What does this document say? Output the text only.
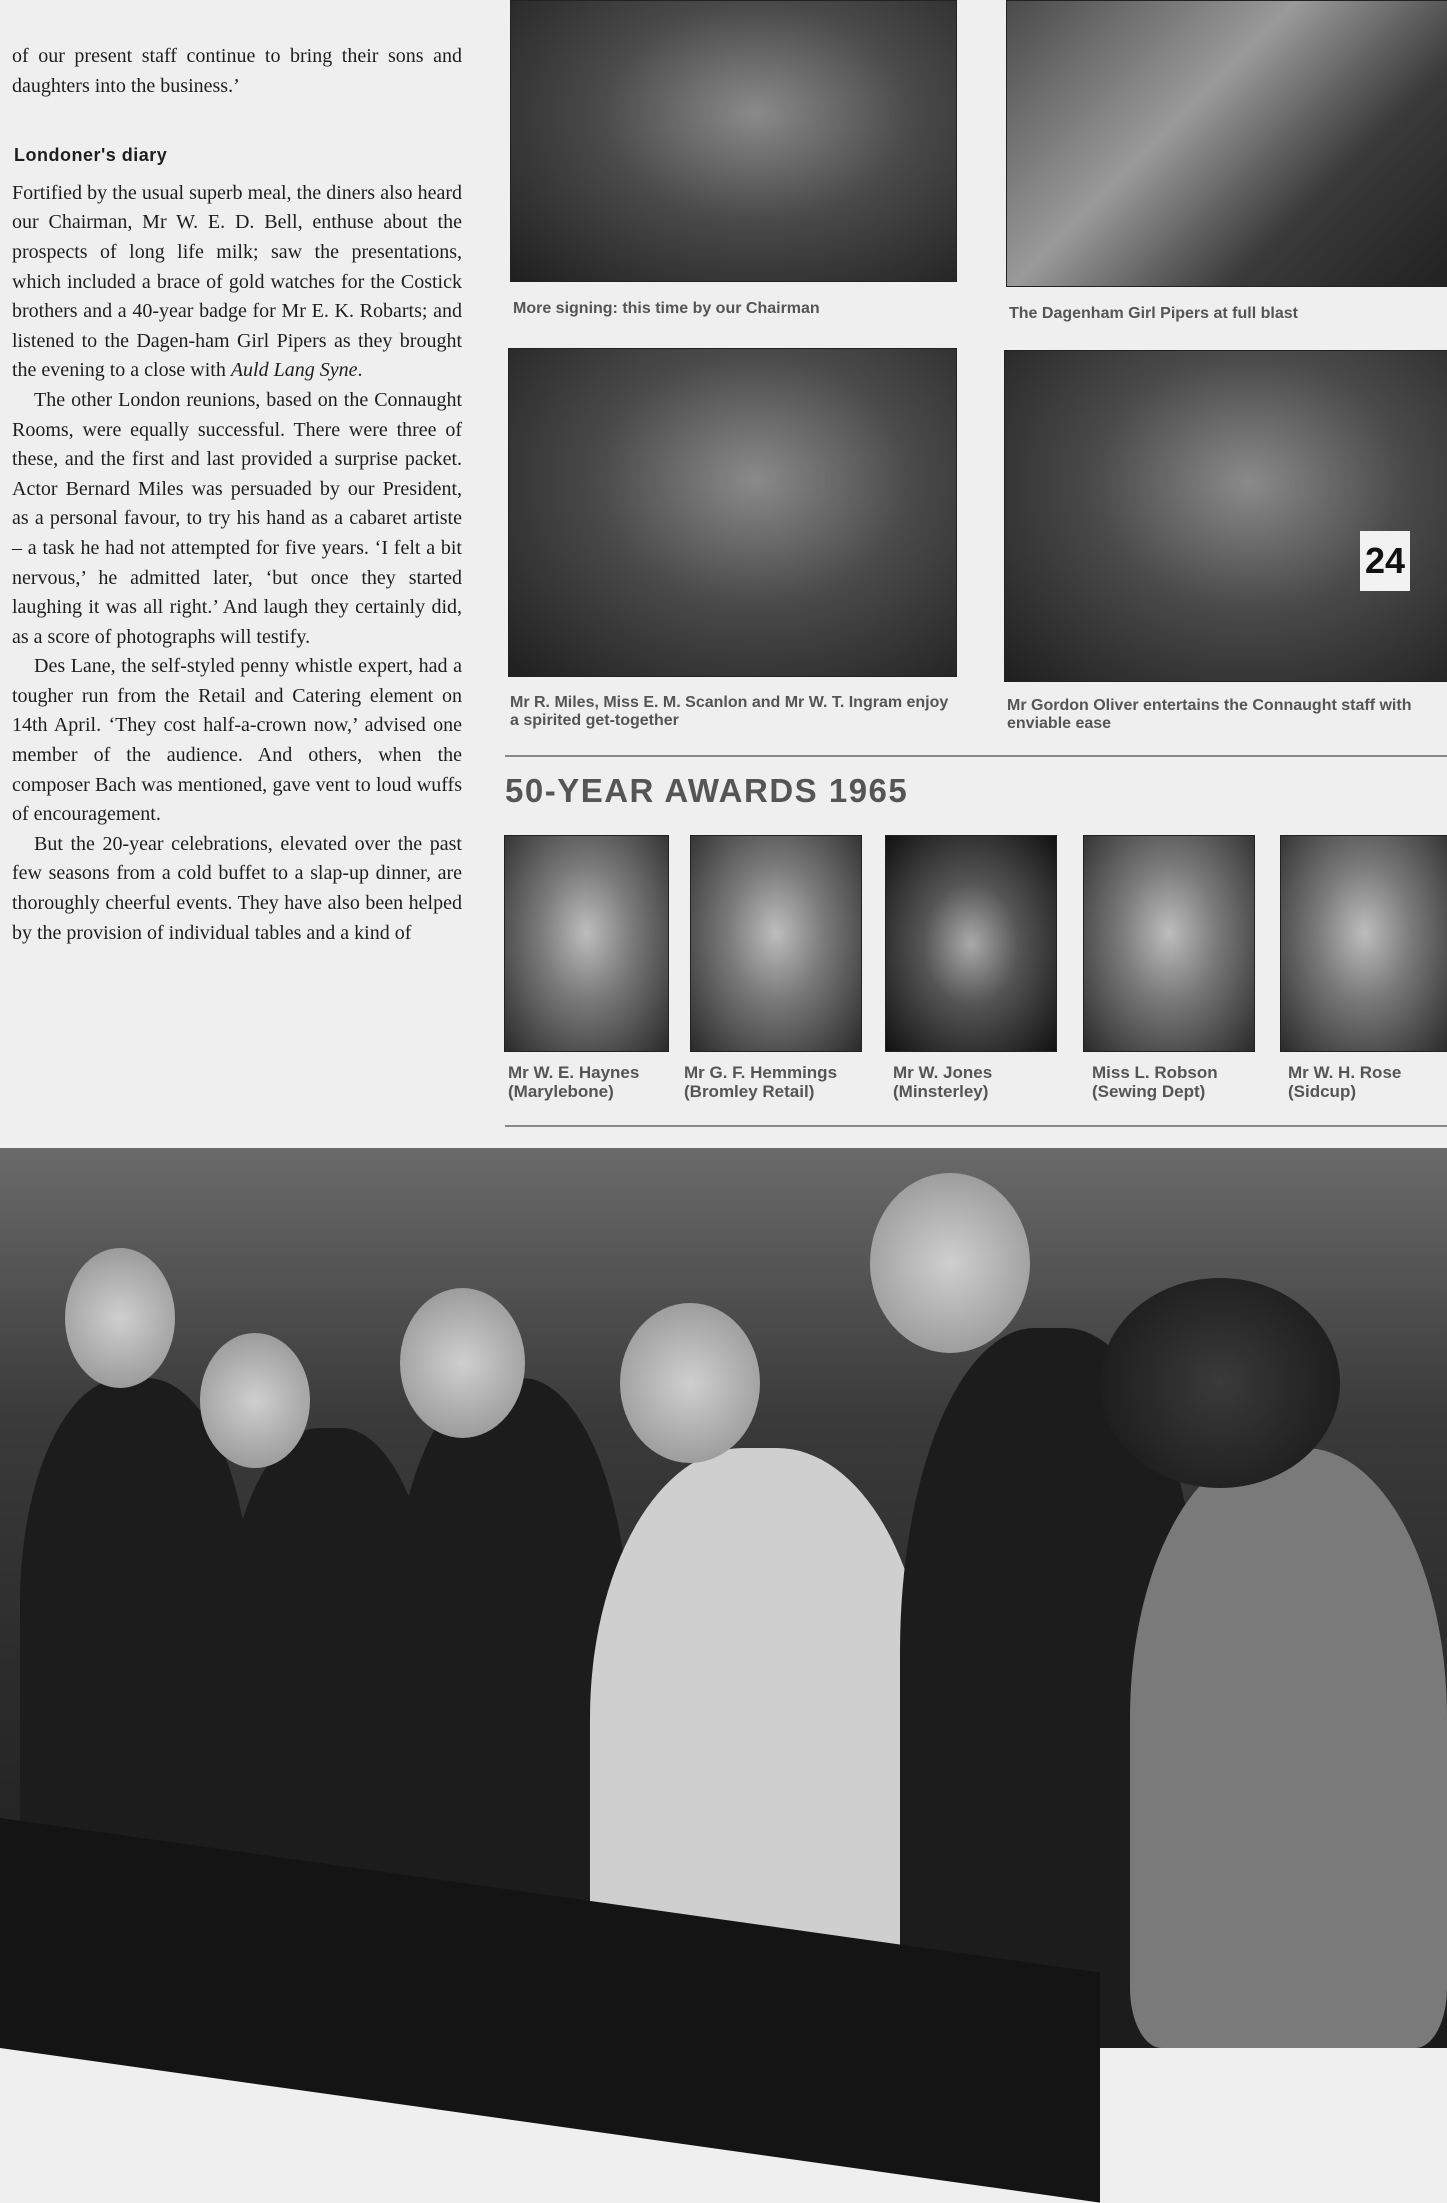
of our present staff continue to bring their sons and daughters into the business.’

Londoner's diary

Fortified by the usual superb meal, the diners also heard our Chairman, Mr W. E. D. Bell, enthuse about the prospects of long life milk; saw the presentations, which included a brace of gold watches for the Costick brothers and a 40-year badge for Mr E. K. Robarts; and listened to the Dagen-ham Girl Pipers as they brought the evening to a close with Auld Lang Syne.

The other London reunions, based on the Connaught Rooms, were equally successful. There were three of these, and the first and last provided a surprise packet. Actor Bernard Miles was persuaded by our President, as a personal favour, to try his hand as a cabaret artiste – a task he had not attempted for five years. ‘I felt a bit nervous,’ he admitted later, ‘but once they started laughing it was all right.’ And laugh they certainly did, as a score of photographs will testify.

Des Lane, the self-styled penny whistle expert, had a tougher run from the Retail and Catering element on 14th April. ‘They cost half-a-crown now,’ advised one member of the audience. And others, when the composer Bach was mentioned, gave vent to loud wuffs of encouragement.

But the 20-year celebrations, elevated over the past few seasons from a cold buffet to a slap-up dinner, are thoroughly cheerful events. They have also been helped by the provision of individual tables and a kind of

More signing: this time by our Chairman	The Dagenham Girl Pipers at full blast
Mr R. Miles, Miss E. M. Scanlon and Mr W. T. Ingram enjoy a spirited get-together
24
Mr Gordon Oliver entertains the Connaught staff with enviable ease
50-YEAR AWARDS 1965
Mr W. E. Haynes
(Marylebone)
Mr G. F. Hemmings
(Bromley Retail)
Mr W. Jones
(Minsterley)
Miss L. Robson
(Sewing Dept)
Mr W. H. Rose
(Sidcup)
